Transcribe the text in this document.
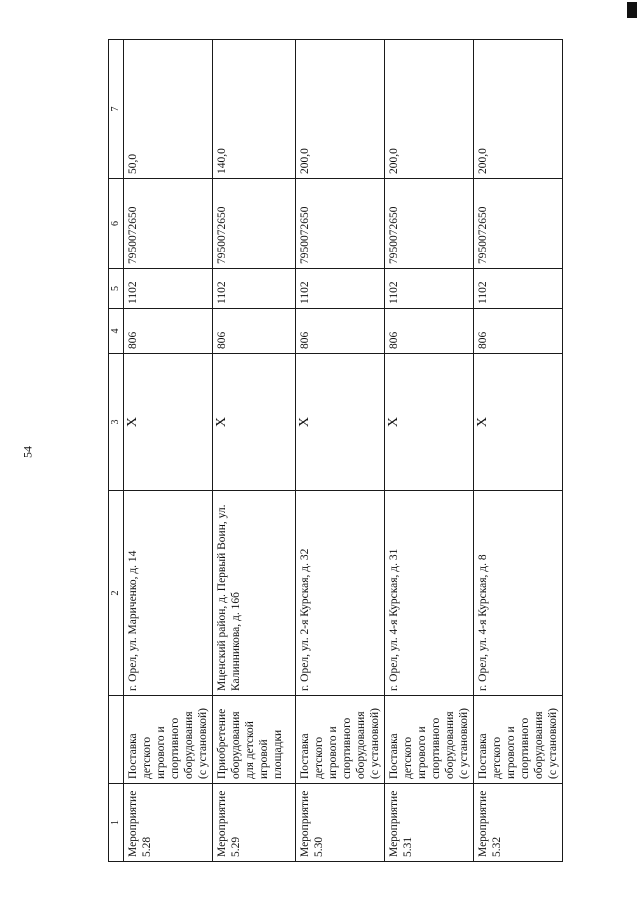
54
1		2	3	4	5	6	7
Мероприятие 5.28	Поставка детского игрового и спортивного оборудования (с установкой)	г. Орел, ул. Мариченко, д. 14	X	806	1102	7950072650	50,0
Мероприятие 5.29	Приобретение оборудования для детской игровой площадки	Мценский район, д. Первый Воин, ул. Калинникова, д. 16б	X	806	1102	7950072650	140,0
Мероприятие 5.30	Поставка детского игрового и спортивного оборудования (с установкой)	г. Орел, ул. 2-я Курская, д. 32	X	806	1102	7950072650	200,0
Мероприятие 5.31	Поставка детского игрового и спортивного оборудования (с установкой)	г. Орел, ул. 4-я Курская, д. 31	X	806	1102	7950072650	200,0
Мероприятие 5.32	Поставка детского игрового и спортивного оборудования (с установкой)	г. Орел, ул. 4-я Курская, д. 8	X	806	1102	7950072650	200,0
